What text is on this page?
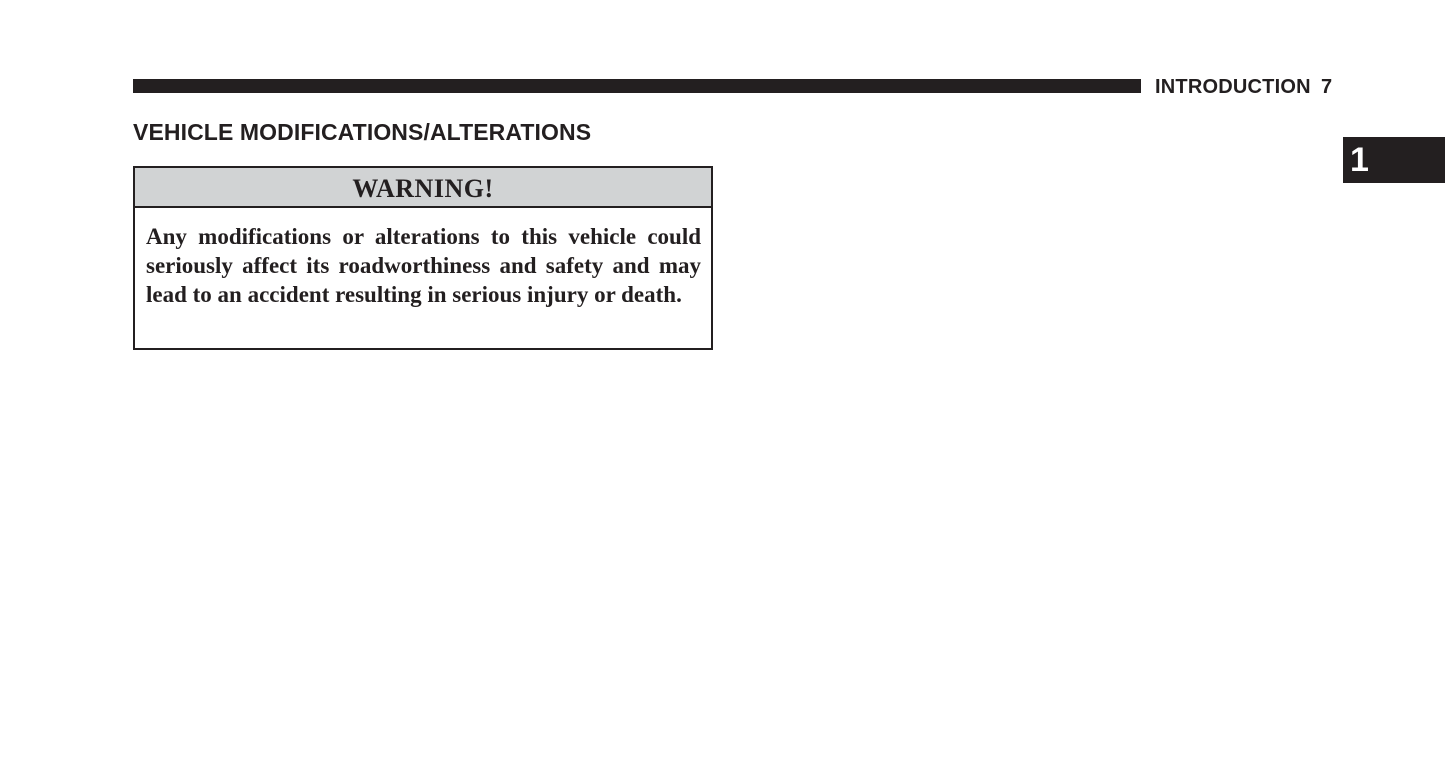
INTRODUCTION 7
1
VEHICLE MODIFICATIONS/ALTERATIONS
WARNING!
Any modifications or alterations to this vehicle could seriously affect its roadworthiness and safety and may lead to an accident resulting in serious injury or death.
